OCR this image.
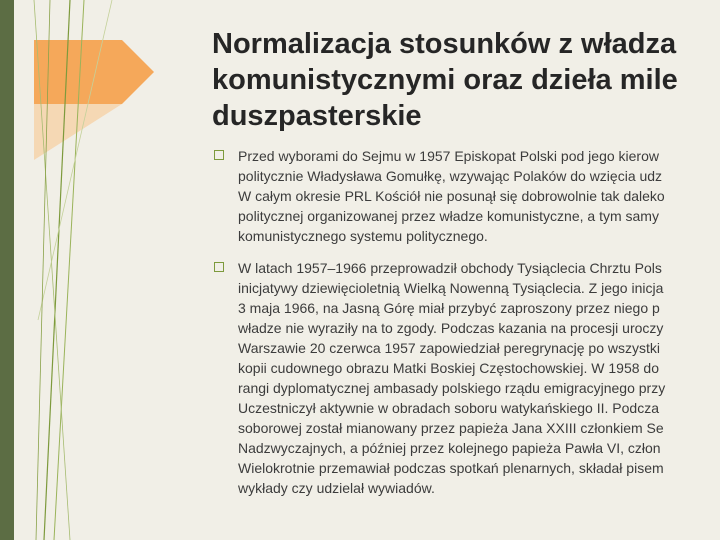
Normalizacja stosunków z władza
komunistycznymi oraz dzieła mile
duszpasterskie
Przed wyborami do Sejmu w 1957 Episkopat Polski pod jego kierow
politycznie Władysława Gomułkę, wzywając Polaków do wzięcia udz
W całym okresie PRL Kościół nie posunął się dobrowolnie tak daleko
politycznej organizowanej przez władze komunistyczne, a tym samy
komunistycznego systemu politycznego.
W latach 1957–1966 przeprowadził obchody Tysiąclecia Chrztu Pols
inicjatywy dziewięcioletnią Wielką Nowenną Tysiąclecia. Z jego inicja
3 maja 1966, na Jasną Górę miał przybyć zaproszony przez niego p
władze nie wyraziły na to zgody. Podczas kazania na procesji uroczy
Warszawie 20 czerwca 1957 zapowiedział peregrynację po wszystki
kopii cudownego obrazu Matki Boskiej Częstochowskiej. W 1958 do
rangi dyplomatycznej ambasady polskiego rządu emigracyjnego przy
Uczestniczył aktywnie w obradach soboru watykańskiego II. Podcza
soborowej został mianowany przez papieża Jana XXIII członkiem Se
Nadzwyczajnych, a później przez kolejnego papieża Pawła VI, człon
Wielokrotnie przemawiał podczas spotkań plenarnych, składał pisem
wykłady czy udzielał wywiadów.
